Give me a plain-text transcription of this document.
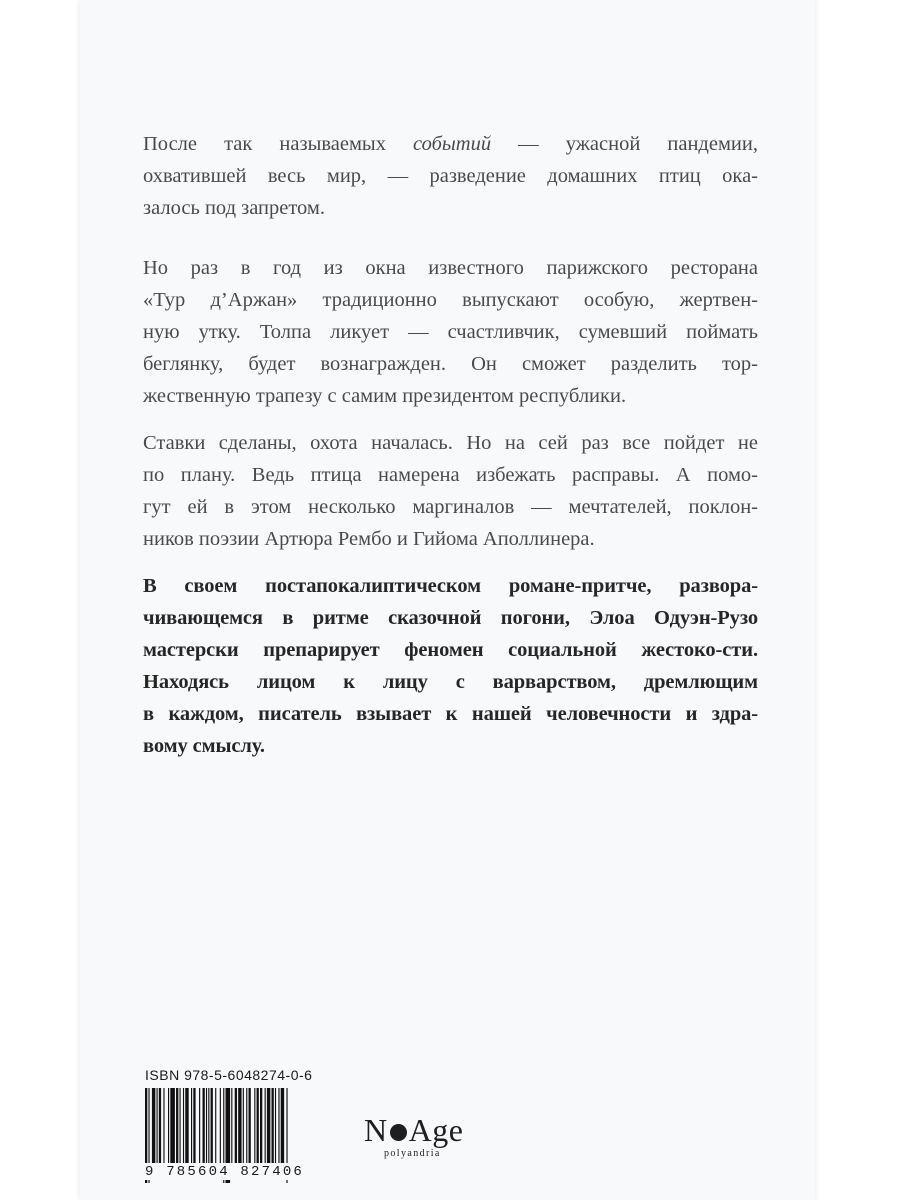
После так называемых событий — ужасной пандемии,
охватившей весь мир, — разведение домашних птиц ока-
залось под запретом.

Но раз в год из окна известного парижского ресторана
«Тур д’Аржан» традиционно выпускают особую, жертвен-
ную утку. Толпа ликует — счастливчик, сумевший поймать
беглянку, будет вознагражден. Он сможет разделить тор-
жественную трапезу с самим президентом республики.

Ставки сделаны, охота началась. Но на сей раз все пойдет не
по плану. Ведь птица намерена избежать расправы. А помо-
гут ей в этом несколько маргиналов — мечтателей, поклон-
ников поэзии Артюра Рембо и Гийома Аполлинера.

В своем постапокалиптическом романе-притче, развора-
чивающемся в ритме сказочной погони, Элоа Одуэн-Рузо
мастерски препарирует феномен социальной жестоко-сти.
Находясь лицом к лицу с варварством, дремлющим
в каждом, писатель взывает к нашей человечности и здра-
вому смыслу.

ISBN 978-5-6048274-0-6
9 785604 827406
N Age
polyandria
